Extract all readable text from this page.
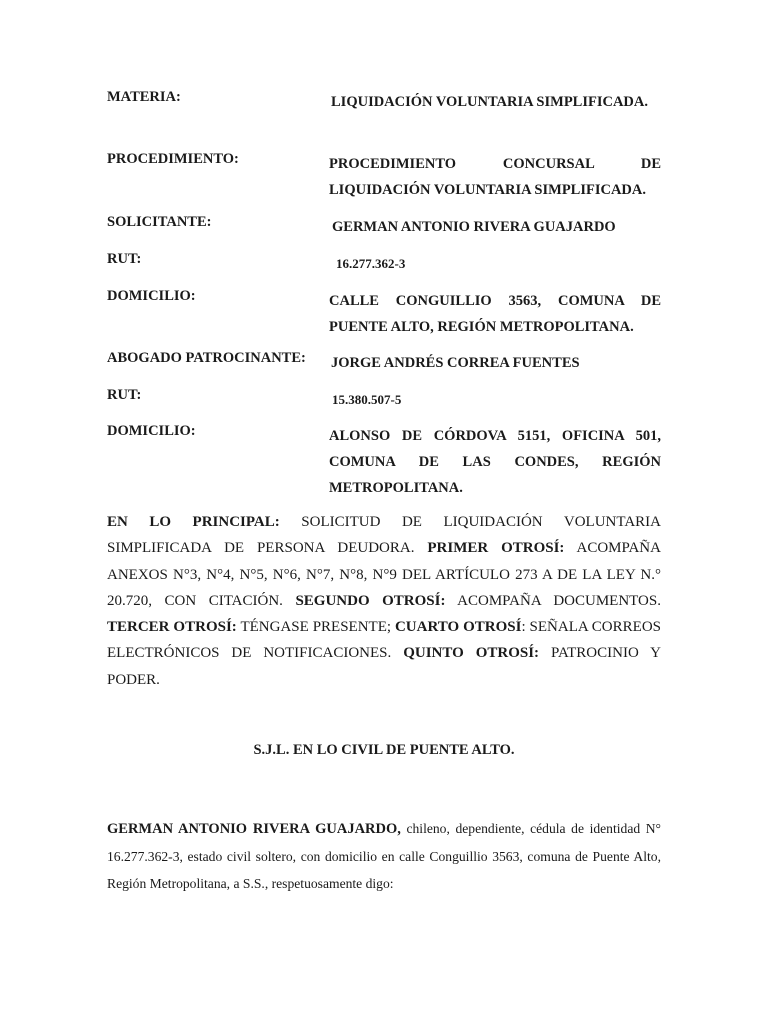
MATERIA:	LIQUIDACIÓN VOLUNTARIA SIMPLIFICADA.
PROCEDIMIENTO:	PROCEDIMIENTO CONCURSAL DE LIQUIDACIÓN VOLUNTARIA SIMPLIFICADA.
SOLICITANTE:	GERMAN ANTONIO RIVERA GUAJARDO
RUT:	16.277.362-3
DOMICILIO:	CALLE CONGUILLIO 3563, COMUNA DE PUENTE ALTO, REGIÓN METROPOLITANA.
ABOGADO PATROCINANTE: JORGE ANDRÉS CORREA FUENTES
RUT:	15.380.507-5
DOMICILIO:	ALONSO DE CÓRDOVA 5151, OFICINA 501, COMUNA DE LAS CONDES, REGIÓN METROPOLITANA.
EN LO PRINCIPAL: SOLICITUD DE LIQUIDACIÓN VOLUNTARIA SIMPLIFICADA DE PERSONA DEUDORA. PRIMER OTROSÍ: ACOMPAÑA ANEXOS N°3, N°4, N°5, N°6, N°7, N°8, N°9 DEL ARTÍCULO 273 A DE LA LEY N.° 20.720, CON CITACIÓN. SEGUNDO OTROSÍ: ACOMPAÑA DOCUMENTOS. TERCER OTROSÍ: TÉNGASE PRESENTE; CUARTO OTROSÍ: SEÑALA CORREOS ELECTRÓNICOS DE NOTIFICACIONES. QUINTO OTROSÍ: PATROCINIO Y PODER.
S.J.L. EN LO CIVIL DE PUENTE ALTO.
GERMAN ANTONIO RIVERA GUAJARDO, chileno, dependiente, cédula de identidad N° 16.277.362-3, estado civil soltero, con domicilio en calle Conguillio 3563, comuna de Puente Alto, Región Metropolitana, a S.S., respetuosamente digo:
